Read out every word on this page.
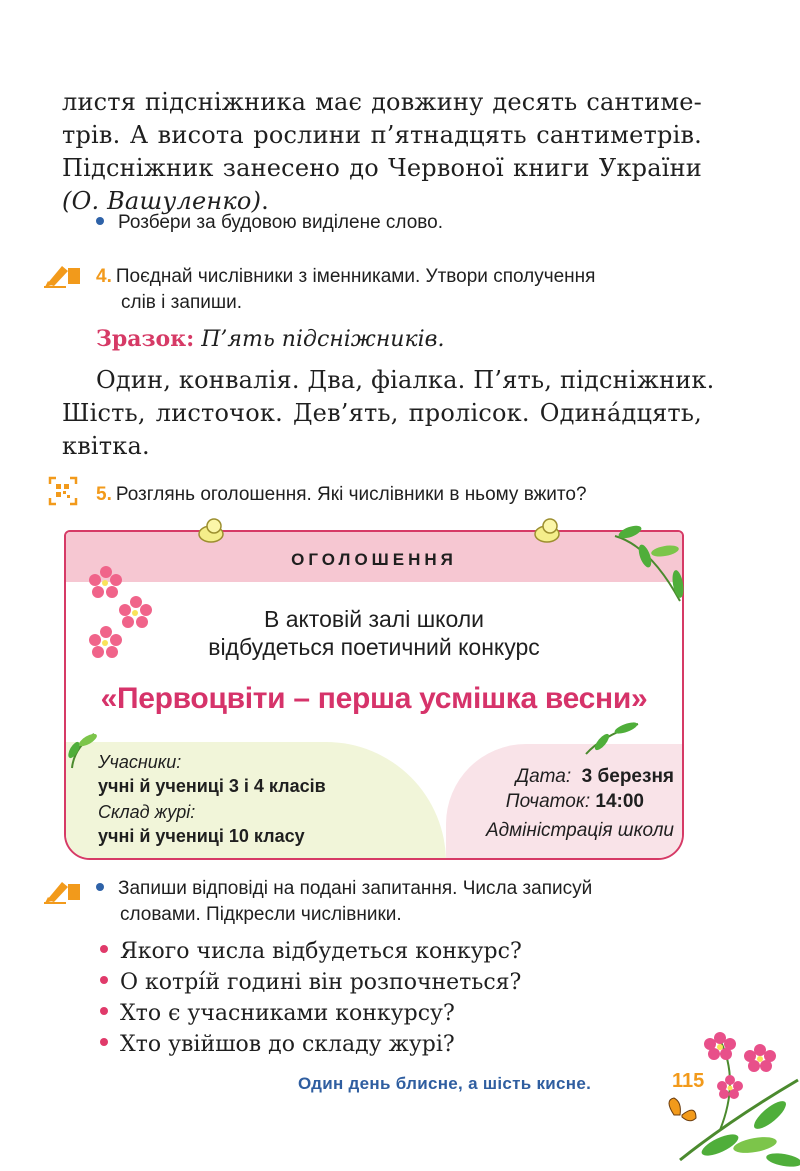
листя підсніжника має довжину десять сантиме-
трів. А висота рослини п’ятнадцять сантиметрів.
Підсніжник занесено до Червоної книги України
(О. Вашуленко).
Розбери за будовою виділене слово.
4. Поєднай числівники з іменниками. Утвори сполучення
слів і запиши.
Зразок: П’ять підсніжників.
Один, конвалія. Два, фіалка. П’ять, підсніжник.
Шість, листочок. Дев’ять, пролісок. Одина́дцять,
квітка.
5. Розглянь оголошення. Які числівники в ньому вжито?
ОГОЛОШЕННЯ
В актовій залі школи
відбудеться поетичний конкурс
«Первоцвіти – перша усмішка весни»
Учасники:
учні й учениці 3 і 4 класів
Склад журі:
учні й учениці 10 класу
Дата: 3 березня
Початок: 14:00
Адміністрація школи
Запиши відповіді на подані запитання. Числа записуй
словами. Підкресли числівники.
Якого числа відбудеться конкурс?
О котрі́й годині він розпочнеться?
Хто є учасниками конкурсу?
Хто увійшов до складу журі?
Один день блисне, а шість кисне.	115
